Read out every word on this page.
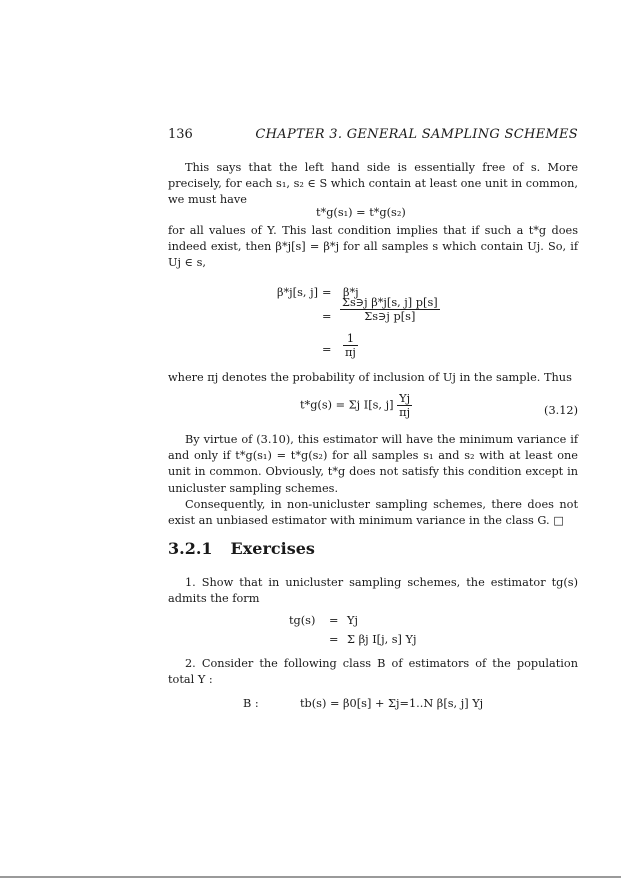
136	CHAPTER 3. GENERAL SAMPLING SCHEMES
This says that the left hand side is essentially free of s. More precisely, for each s₁, s₂ ∈ S which contain at least one unit in common, we must have
t*g(s₁) = t*g(s₂)
for all values of Y. This last condition implies that if such a t*g does indeed exist, then β*j[s] = β*j for all samples s which contain Uj. So, if Uj ∈ s,
β*j[s, j] = β*j
= $\frac{\text{Σs∋j β*j[s, j] p[s]}}{\text{Σs∋j p[s]}}$
= $\frac{1}{\pi j}$
where πj denotes the probability of inclusion of Uj in the sample. Thus
t*g(s) = Σj I[s, $j] \frac{Yj}{\pi j}$	(3.12)
By virtue of (3.10), this estimator will have the minimum variance if and only if t*g(s₁) = t*g(s₂) for all samples s₁ and s₂ with at least one unit in common. Obviously, t*g does not satisfy this condition except in unicluster sampling schemes.
Consequently, in non-unicluster sampling schemes, there does not exist an unbiased estimator with minimum variance in the class G. □
3.2.1 Exercises
1. Show that in unicluster sampling schemes, the estimator tg(s) admits the form
tg(s) = Yj
= Σ βj I[j, s] Yj
2. Consider the following class B of estimators of the population total Y :
B :	tb(s) = β0[s] + Σj=1..N β[s, j] Yj
